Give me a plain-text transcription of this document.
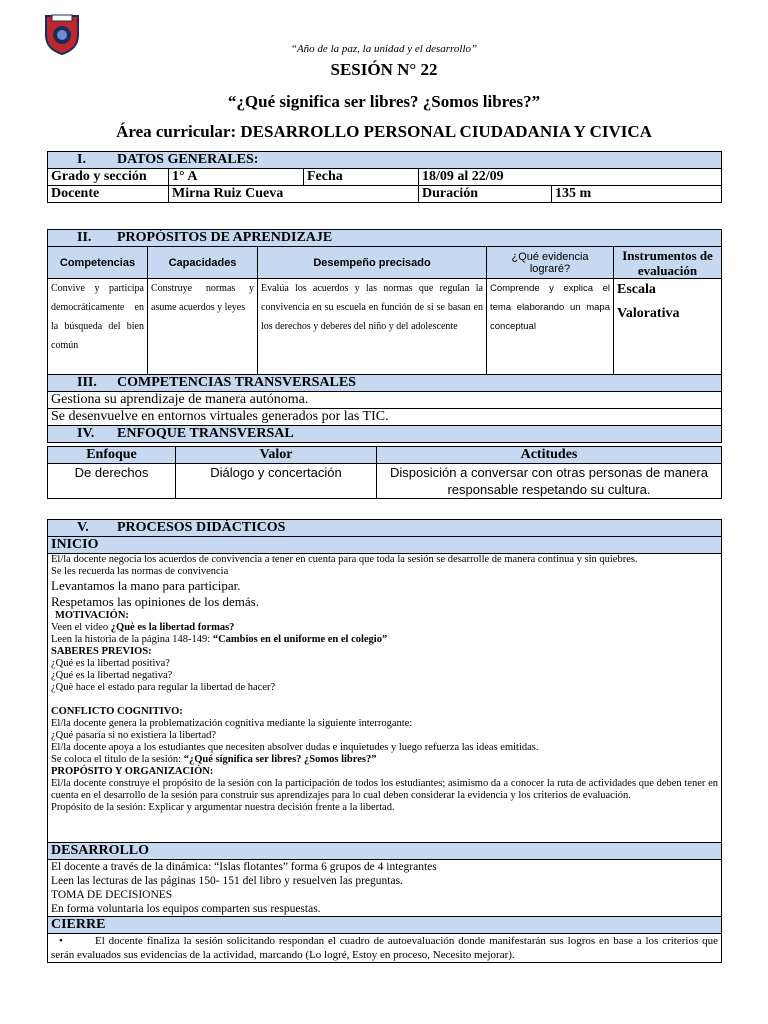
“Año de la paz, la unidad y el desarrollo”
SESIÓN N° 22
“¿Qué significa ser libres? ¿Somos libres?”
Área curricular: DESARROLLO PERSONAL CIUDADANIA Y CIVICA
I. DATOS GENERALES:				
Grado y sección	1° A	Fecha	18/09 al 22/09	
Docente	Mirna Ruiz Cueva		Duración	135 m
II. PROPÓSITOS DE APRENDIZAJE				
Competencias	Capacidades	Desempeño precisado	¿Qué evidencia lograré?	Instrumentos de evaluación
Convive y participa democráticamente en la búsqueda del bien común	Construye normas y asume acuerdos y leyes	Evalúa los acuerdos y las normas que regulan la convivencia en su escuela en función de si se basan en los derechos y deberes del niño y del adolescente	Comprende y explica el tema elaborando un mapa conceptual	Escala
Valorativa

III. COMPETENCIAS TRANSVERSALES				
Gestiona su aprendizaje de manera autónoma.				
Se desenvuelve en entornos virtuales generados por las TIC.				
IV. ENFOQUE TRANSVERSAL				
Enfoque	Valor	Actitudes
De derechos	Diálogo y concertación	Disposición a conversar con otras personas de manera responsable respetando su cultura.
V. PROCESOS DIDÁCTICOS
INICIO

El/la docente negocia los acuerdos de convivencia a tener en cuenta para que toda la sesión se desarrolle de manera continua y sin quiebres.
Se les recuerda las normas de convivencia
Levantamos la mano para participar.
Respetamos las opiniones de los demás.
MOTIVACIÓN:
Veen el video ¿Què es la libertad formas?
Leen la historia de la página 148-149: “Cambios en el uniforme en el colegio”
SABERES PREVIOS:
¿Qué es la libertad positiva?
¿Qué es la libertad negativa?
¿Què hace el estado para regular la libertad de hacer?
CONFLICTO COGNITIVO:
El/la docente genera la problematización cognitiva mediante la siguiente interrogante:
¿Qué pasaría si no existiera la libertad?
El/la docente apoya a los estudiantes que necesiten absolver dudas e inquietudes y luego refuerza las ideas emitidas.
Se coloca el titulo de la sesión: “¿Qué significa ser libres? ¿Somos libres?”
PROPÓSITO Y ORGANIZACIÓN:
El/la docente construye el propósito de la sesión con la participación de todos los estudiantes; asimismo da a conocer la ruta de actividades que deben tener en cuenta en el desarrollo de la sesión para construir sus aprendizajes para lo cual deben considerar la evidencia y los criterios de evaluación.
Propósito de la sesión: Explicar y argumentar nuestra decisión frente a la libertad.

DESARROLLO

El docente a través de la dinámica: “Islas flotantes” forma 6 grupos de 4 integrantes
Leen las lecturas de las páginas 150- 151 del libro y resuelven las preguntas.
TOMA DE DECISIONES
En forma voluntaria los equipos comparten sus respuestas.

CIERRE
•	El docente finaliza la sesión solicitando respondan el cuadro de autoevaluación donde manifestarán sus logros en base a los criterios que serán evaluados sus evidencias de la actividad, marcando (Lo logré, Estoy en proceso, Necesito mejorar).
